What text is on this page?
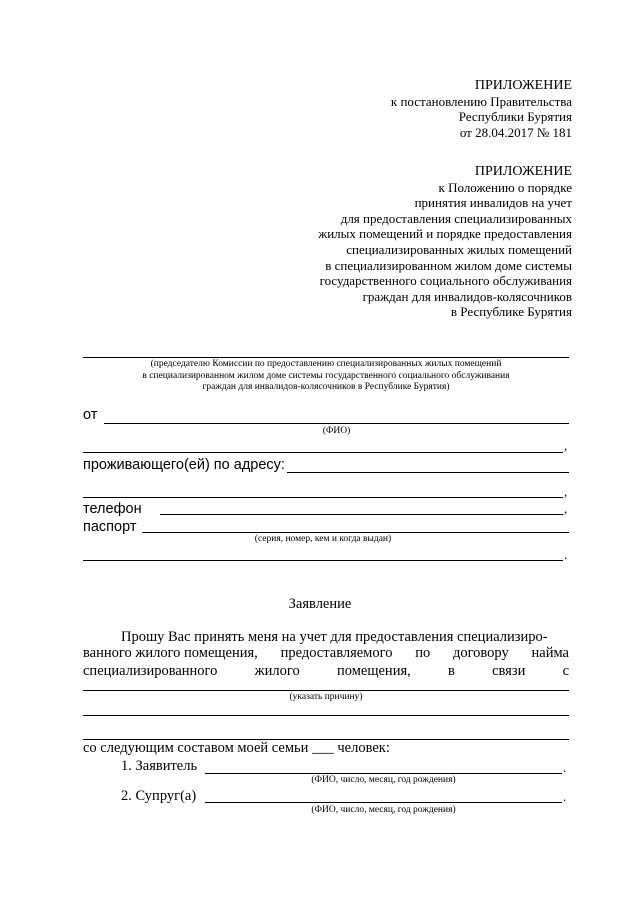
ПРИЛОЖЕНИЕ
к постановлению Правительства
Республики Бурятия
от 28.04.2017 № 181
ПРИЛОЖЕНИЕ
к Положению о порядке
принятия инвалидов на учет
для предоставления специализированных
жилых помещений и порядке предоставления
специализированных жилых помещений
в специализированном жилом доме системы
государственного социального обслуживания
граждан для инвалидов-колясочников
в Республике Бурятия
(председателю Комиссии по предоставлению специализированных жилых помещений
в специализированном жилом доме системы государственного социального обслуживания
граждан для инвалидов-колясочников в Республике Бурятия)
от
(ФИО)
,
проживающего(ей) по адресу:
,
телефон	,
паспорт
(серия, номер, кем и когда выдан)
.
Заявление
Прошу Вас принять меня на учет для предоставления специализиро-
ванного жилого помещения, предоставляемого по договору найма
специализированного	жилого	помещения,	в	связи	с
(указать причину)
со следующим составом моей семьи ___ человек:
1. Заявитель	.
(ФИО, число, месяц, год рождения)
2. Супруг(а)	.
(ФИО, число, месяц, год рождения)
